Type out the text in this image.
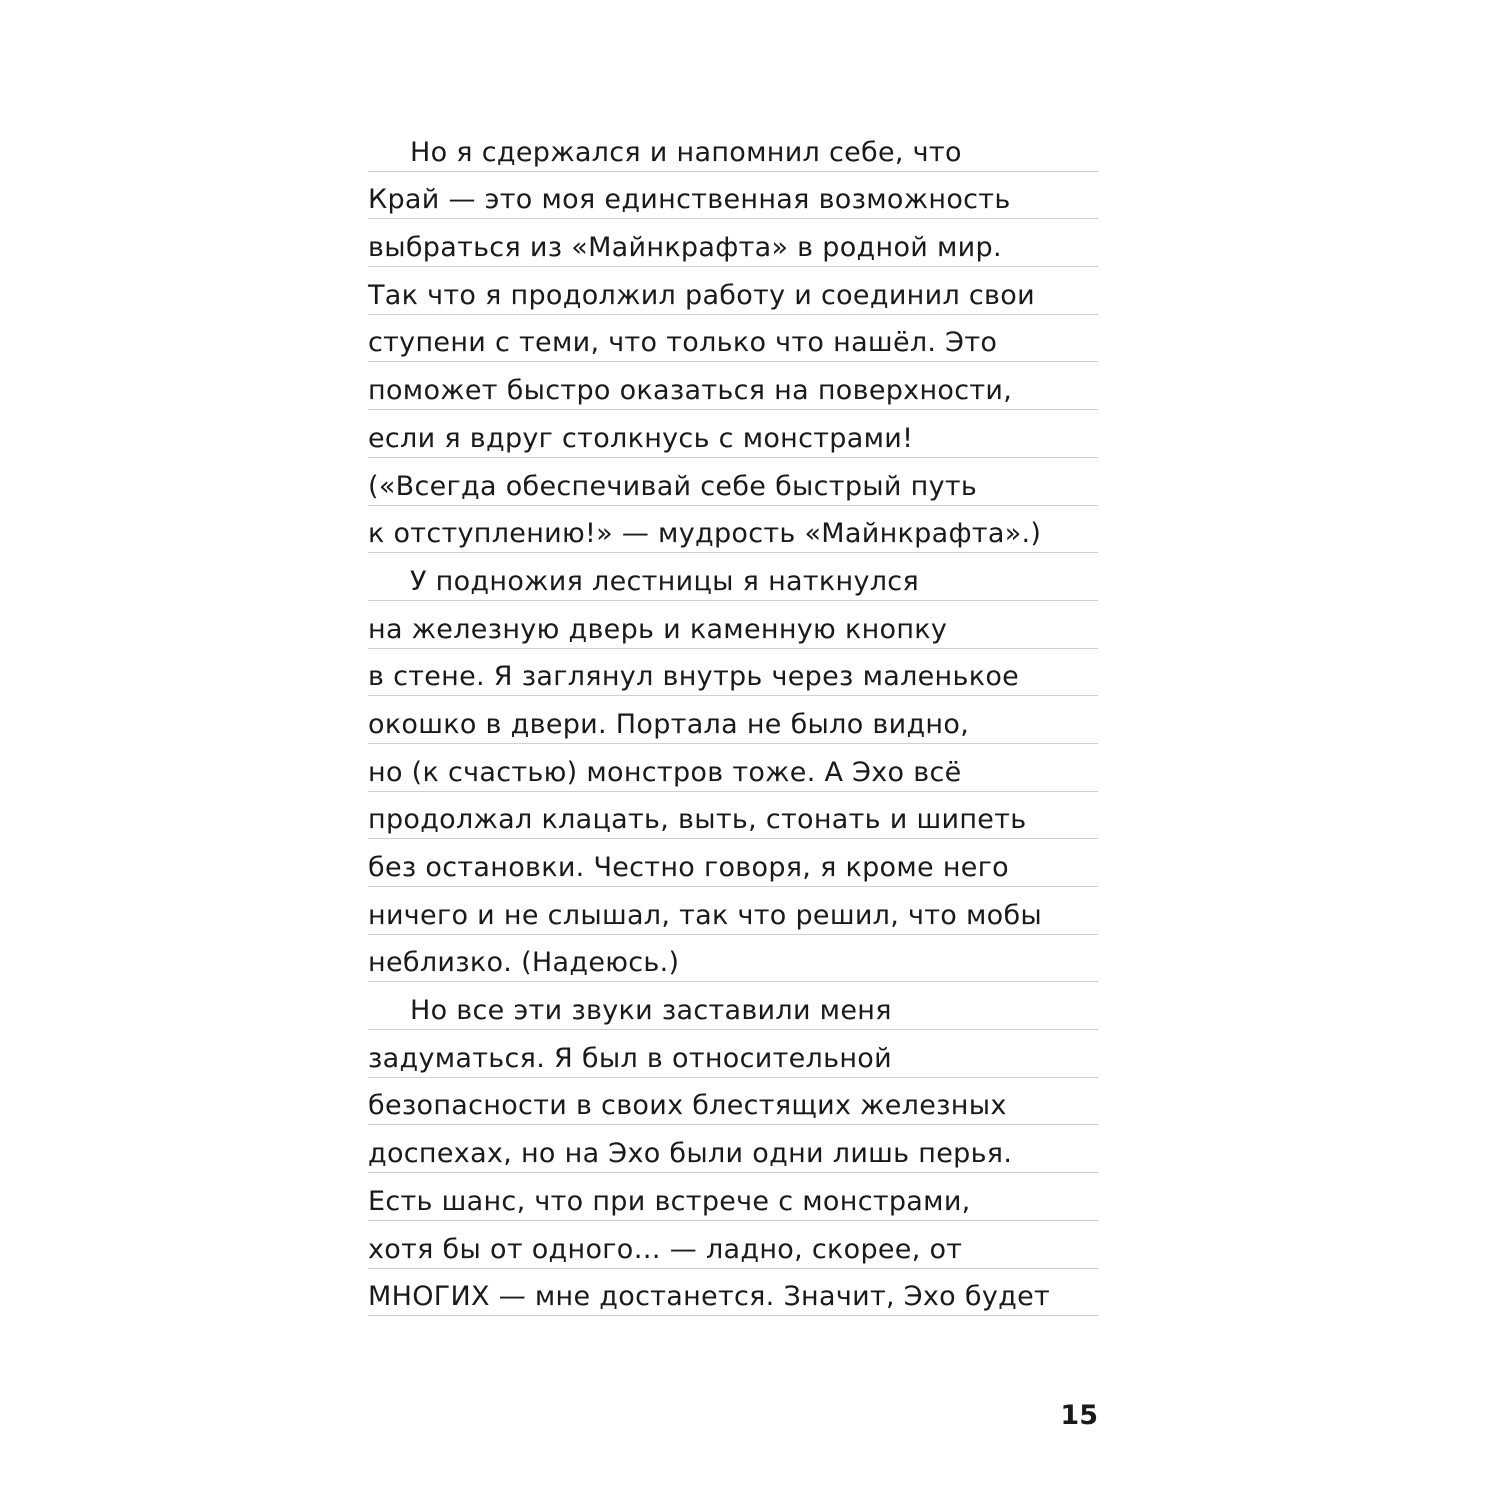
Но я сдержался и напомнил себе, что
Край — это моя единственная возможность
выбраться из «Майнкрафта» в родной мир.
Так что я продолжил работу и соединил свои
ступени с теми, что только что нашёл. Это
поможет быстро оказаться на поверхности,
если я вдруг столкнусь с монстрами!
(«Всегда обеспечивай себе быстрый путь
к отступлению!» — мудрость «Майнкрафта».)
У подножия лестницы я наткнулся
на железную дверь и каменную кнопку
в стене. Я заглянул внутрь через маленькое
окошко в двери. Портала не было видно,
но (к счастью) монстров тоже. А Эхо всё
продолжал клацать, выть, стонать и шипеть
без остановки. Честно говоря, я кроме него
ничего и не слышал, так что решил, что мобы
неблизко. (Надеюсь.)
Но все эти звуки заставили меня
задуматься. Я был в относительной
безопасности в своих блестящих железных
доспехах, но на Эхо были одни лишь перья.
Есть шанс, что при встрече с монстрами,
хотя бы от одного… — ладно, скорее, от
МНОГИХ — мне достанется. Значит, Эхо будет
15
